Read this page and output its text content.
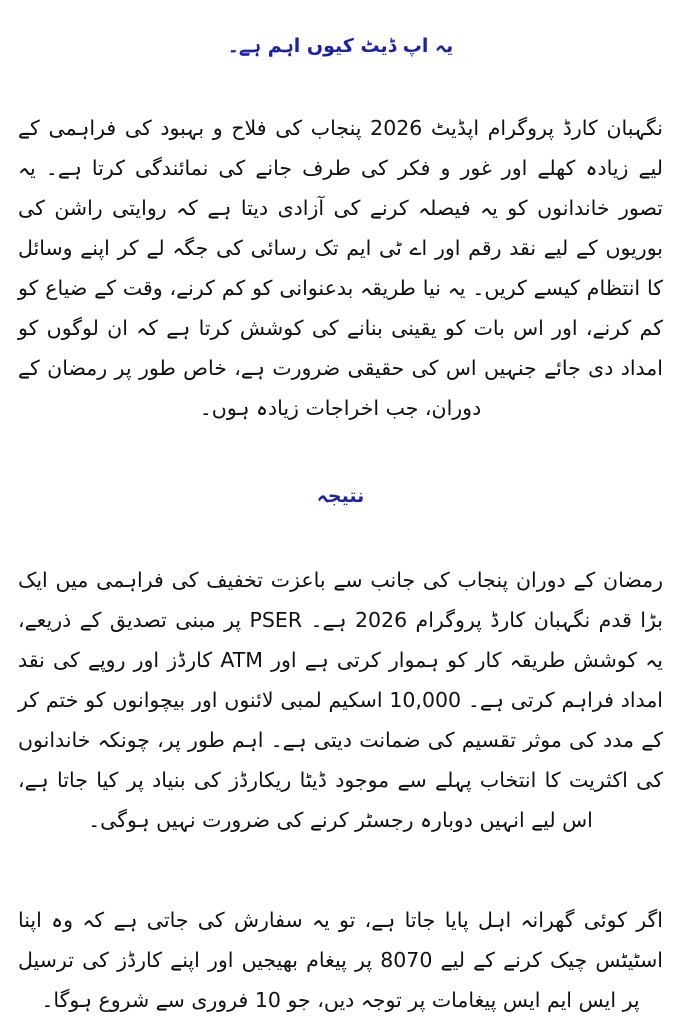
یہ اپ ڈیٹ کیوں اہم ہے۔

نگہبان کارڈ پروگرام اپڈیٹ 2026 پنجاب کی فلاح و بہبود کی فراہمی کے لیے زیادہ کھلے اور غور و فکر کی طرف جانے کی نمائندگی کرتا ہے۔ یہ تصور خاندانوں کو یہ فیصلہ کرنے کی آزادی دیتا ہے کہ روایتی راشن کی بوریوں کے لیے نقد رقم اور اے ٹی ایم تک رسائی کی جگہ لے کر اپنے وسائل کا انتظام کیسے کریں۔ یہ نیا طریقہ بدعنوانی کو کم کرنے، وقت کے ضیاع کو کم کرنے، اور اس بات کو یقینی بنانے کی کوشش کرتا ہے کہ ان لوگوں کو امداد دی جائے جنہیں اس کی حقیقی ضرورت ہے، خاص طور پر رمضان کے دوران، جب اخراجات زیادہ ہوں۔

نتیجہ

رمضان کے دوران پنجاب کی جانب سے باعزت تخفیف کی فراہمی میں ایک بڑا قدم نگہبان کارڈ پروگرام 2026 ہے۔ PSER پر مبنی تصدیق کے ذریعے، یہ کوشش طریقہ کار کو ہموار کرتی ہے اور ATM کارڈز اور روپے کی نقد امداد فراہم کرتی ہے۔ 10,000 اسکیم لمبی لائنوں اور بیچوانوں کو ختم کر کے مدد کی موثر تقسیم کی ضمانت دیتی ہے۔ اہم طور پر، چونکہ خاندانوں کی اکثریت کا انتخاب پہلے سے موجود ڈیٹا ریکارڈز کی بنیاد پر کیا جاتا ہے، اس لیے انہیں دوبارہ رجسٹر کرنے کی ضرورت نہیں ہوگی۔

اگر کوئی گھرانہ اہل پایا جاتا ہے، تو یہ سفارش کی جاتی ہے کہ وہ اپنا اسٹیٹس چیک کرنے کے لیے 8070 پر پیغام بھیجیں اور اپنے کارڈز کی ترسیل پر ایس ایم ایس پیغامات پر توجہ دیں، جو 10 فروری سے شروع ہوگا۔
